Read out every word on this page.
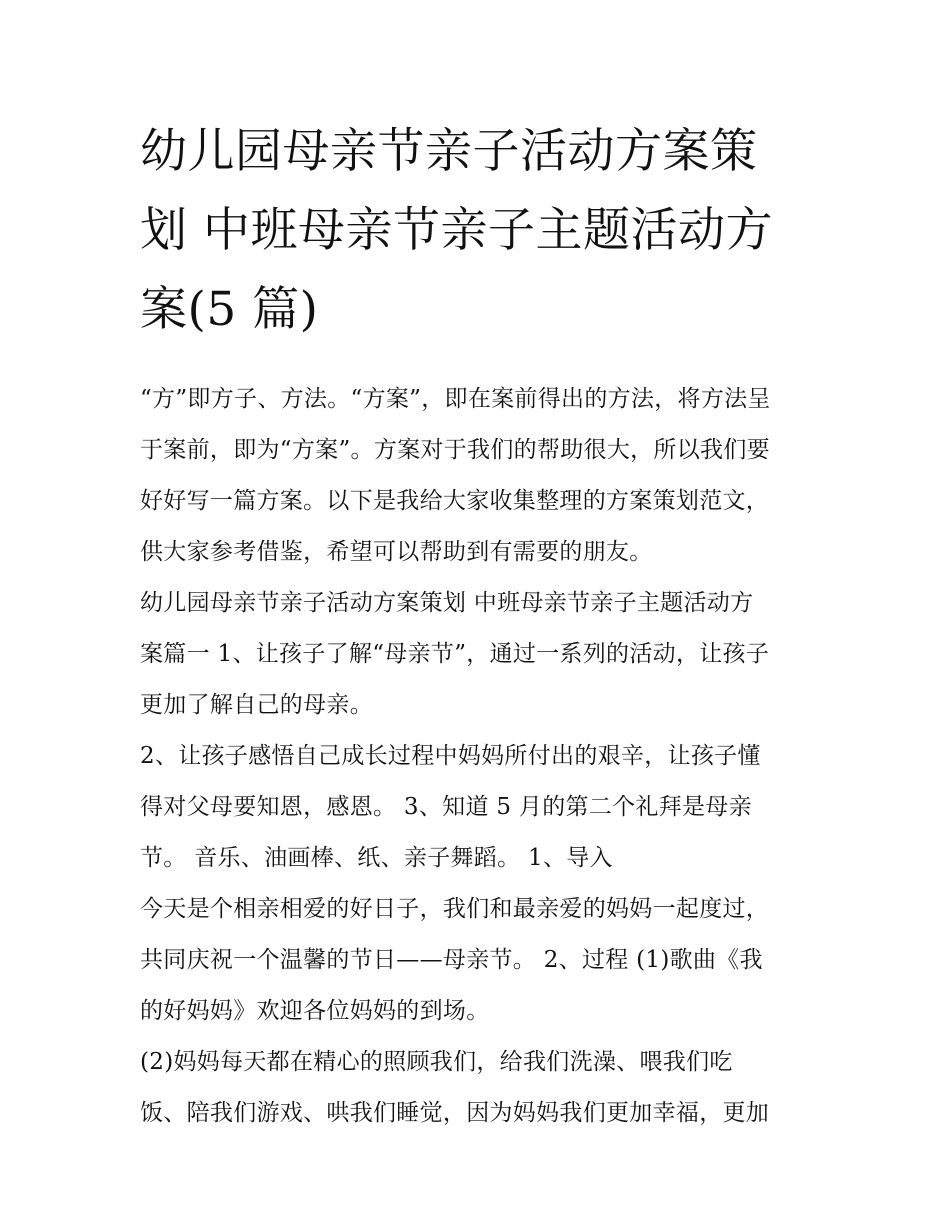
幼儿园母亲节亲子活动方案策
划 中班母亲节亲子主题活动方
案(5 篇)
“方”即方子、方法。“方案”，即在案前得出的方法，将方法呈
于案前，即为“方案”。方案对于我们的帮助很大，所以我们要
好好写一篇方案。以下是我给大家收集整理的方案策划范文，
供大家参考借鉴，希望可以帮助到有需要的朋友。
幼儿园母亲节亲子活动方案策划 中班母亲节亲子主题活动方
案篇一 1、让孩子了解“母亲节”，通过一系列的活动，让孩子
更加了解自己的母亲。
2、让孩子感悟自己成长过程中妈妈所付出的艰辛，让孩子懂
得对父母要知恩，感恩。 3、知道 5 月的第二个礼拜是母亲
节。 音乐、油画棒、纸、亲子舞蹈。 1、导入
今天是个相亲相爱的好日子，我们和最亲爱的妈妈一起度过，
共同庆祝一个温馨的节日——母亲节。 2、过程 (1)歌曲《我
的好妈妈》欢迎各位妈妈的到场。
(2)妈妈每天都在精心的照顾我们，给我们洗澡、喂我们吃
饭、陪我们游戏、哄我们睡觉，因为妈妈我们更加幸福，更加
